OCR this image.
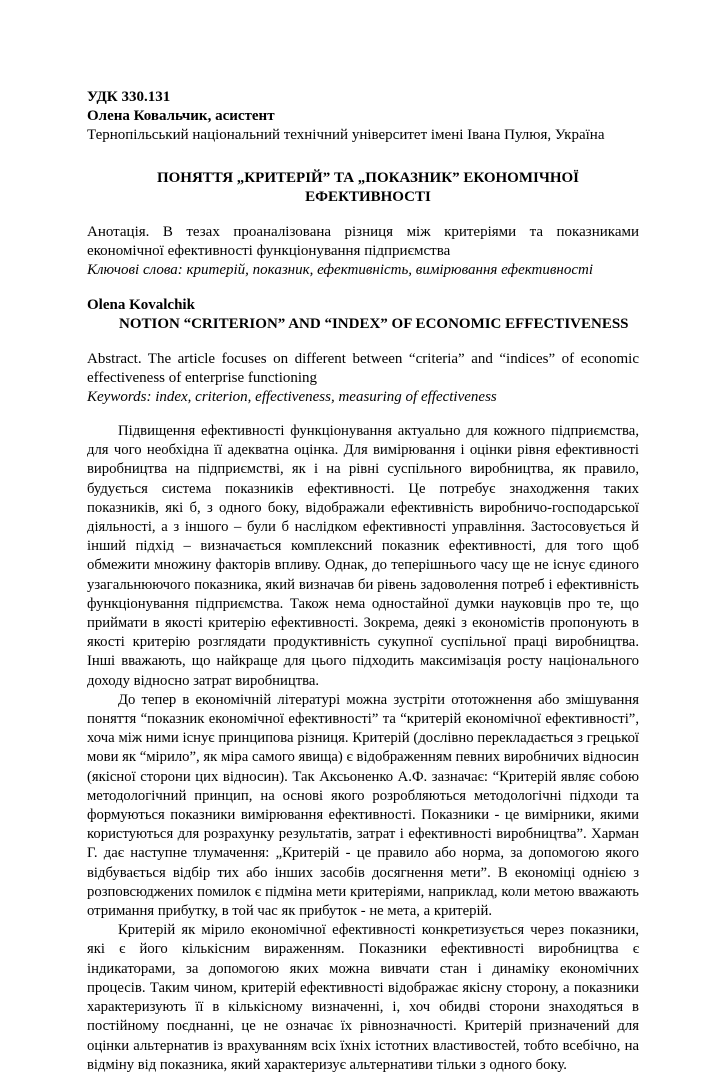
УДК 330.131
Олена Ковальчик, асистент
Тернопільський національний технічний університет імені Івана Пулюя, Україна
ПОНЯТТЯ „КРИТЕРІЙ” ТА „ПОКАЗНИК” ЕКОНОМІЧНОЇ ЕФЕКТИВНОСТІ
Анотація. В тезах проаналізована різниця між критеріями та показниками економічної ефективності функціонування підприємства
Ключові слова: критерій, показник, ефективність, вимірювання ефективності
Olena Kovalchik
NOTION “CRITERION” AND “INDEX” OF ECONOMIC EFFECTIVENESS
Abstract. The article focuses on different between “criteria” and “indices” of economic effectiveness of enterprise functioning
Keywords: index, criterion, effectiveness, measuring of effectiveness

Підвищення ефективності функціонування актуально для кожного підприємства, для чого необхідна її адекватна оцінка. Для вимірювання і оцінки рівня ефективності виробництва на підприємстві, як і на рівні суспільного виробництва, як правило, будується система показників ефективності. Це потребує знаходження таких показників, які б, з одного боку, відображали ефективність виробничо-господарської діяльності, а з іншого – були б наслідком ефективності управління. Застосовується й інший підхід – визначається комплексний показник ефективності, для того щоб обмежити множину факторів впливу. Однак, до теперішнього часу ще не існує єдиного узагальнюючого показника, який визначав би рівень задоволення потреб і ефективність функціонування підприємства. Також нема одностайної думки науковців про те, що приймати в якості критерію ефективності. Зокрема, деякі з економістів пропонують в якості критерію розглядати продуктивність сукупної суспільної праці виробництва. Інші вважають, що найкраще для цього підходить максимізація росту національного доходу відносно затрат виробництва.

До тепер в економічній літературі можна зустріти ототожнення або змішування поняття “показник економічної ефективності” та “критерій економічної ефективності”, хоча між ними існує принципова різниця. Критерій (дослівно перекладається з грецької мови як “мірило”, як міра самого явища) є відображенням певних виробничих відносин (якісної сторони цих відносин). Так Аксьоненко А.Ф. зазначає: “Критерій являє собою методологічний принцип, на основі якого розробляються методологічні підходи та формуються показники вимірювання ефективності. Показники - це вимірники, якими користуються для розрахунку результатів, затрат і ефективності виробництва”. Харман Г. дає наступне тлумачення: „Критерій - це правило або норма, за допомогою якого відбувається відбір тих або інших засобів досягнення мети”. В економіці однією з розповсюджених помилок є підміна мети критеріями, наприклад, коли метою вважають отримання прибутку, в той час як прибуток - не мета, а критерій.

Критерій як мірило економічної ефективності конкретизується через показники, які є його кількісним вираженням. Показники ефективності виробництва є індикаторами, за допомогою яких можна вивчати стан і динаміку економічних процесів. Таким чином, критерій ефективності відображає якісну сторону, а показники характеризують її в кількісному визначенні, і, хоч обидві сторони знаходяться в постійному поєднанні, це не означає їх рівнозначності. Критерій призначений для оцінки альтернатив із врахуванням всіх їхніх істотних властивостей, тобто всебічно, на відміну від показника, який характеризує альтернативи тільки з одного боку.
